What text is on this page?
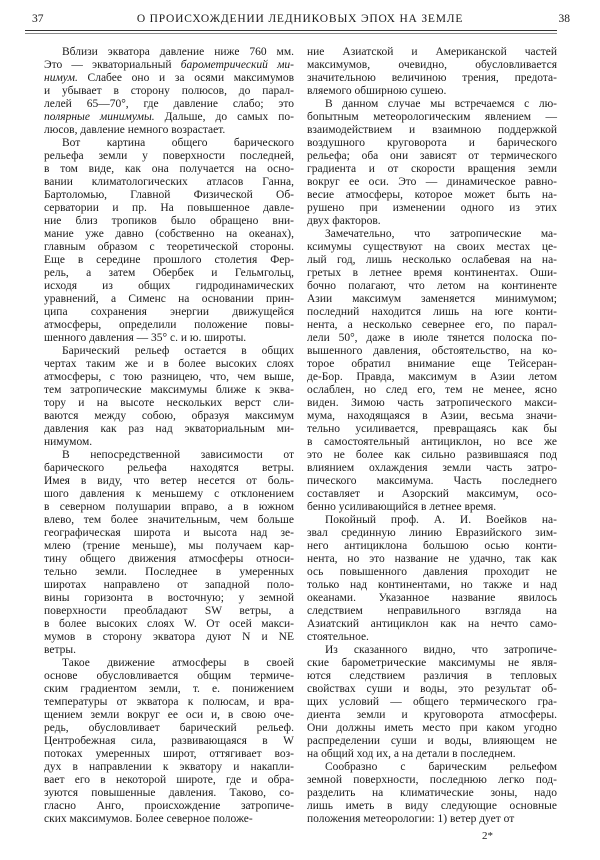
37	О ПРОИСХОЖДЕНИИ ЛЕДНИКОВЫХ ЭПОХ НА ЗЕМЛЕ	38
Вблизи экватора давление ниже 760 мм.
Это — экваториальный барометрический ми-
нимум. Слабее оно и за осями максимумов
и убывает в сторону полюсов, до парал-
лелей 65—70°, где давление слабо; это
полярные минимумы. Дальше, до самых по-
люсов, давление немного возрастает.
Вот картина общего барического
рельефа земли у поверхности последней,
в том виде, как она получается на осно-
вании климатологических атласов Ганна,
Бартоломью, Главной Физической Об-
серватории и пр. На повышенное давле-
ние близ тропиков было обращено вни-
мание уже давно (собственно на океанах),
главным образом с теоретической стороны.
Еще в середине прошлого столетия Фер-
рель, а затем Обербек и Гельмгольц,
исходя из общих гидродинамических
уравнений, а Сименс на основании прин-
ципа сохранения энергии движущейся
атмосферы, определили положение повы-
шенного давления — 35° с. и ю. широты.
Барический рельеф остается в общих
чертах таким же и в более высоких слоях
атмосферы, с тою разницею, что, чем выше,
тем затропические максимумы ближе к эква-
тору и на высоте нескольких верст сли-
ваются между собою, образуя максимум
давления как раз над экваториальным ми-
нимумом.
В непосредственной зависимости от
барического рельефа находятся ветры.
Имея в виду, что ветер несется от боль-
шого давления к меньшему с отклонением
в северном полушарии вправо, а в южном
влево, тем более значительным, чем больше
географическая широта и высота над зе-
млею (трение меньше), мы получаем кар-
тину общего движения атмосферы относи-
тельно земли. Последнее в умеренных
широтах направлено от западной поло-
вины горизонта в восточную; у земной
поверхности преобладают SW ветры, а
в более высоких слоях W. От осей макси-
мумов в сторону экватора дуют N и NE
ветры.
Такое движение атмосферы в своей
основе обусловливается общим термиче-
ским градиентом земли, т. е. понижением
температуры от экватора к полюсам, и вра-
щением земли вокруг ее оси и, в свою оче-
редь, обусловливает барический рельеф.
Центробежная сила, развивающаяся в W
потоках умеренных широт, оттягивает воз-
дух в направлении к экватору и накапли-
вает его в некоторой широте, где и обра-
зуются повышенные давления. Таково, со-
гласно Анго, происхождение затропиче-
ских максимумов. Более северное положе-
ние Азиатской и Американской частей
максимумов, очевидно, обусловливается
значительною величиною трения, предота-
вляемого обширною сушею.
В данном случае мы встречаемся с лю-
бопытным метеорологическим явлением —
взаимодействием и взаимною поддержкой
воздушного круговорота и барического
рельефа; оба они зависят от термического
градиента и от скорости вращения земли
вокруг ее оси. Это — динамическое равно-
весие атмосферы, которое может быть на-
рушено при изменении одного из этих
двух факторов.
Замечательно, что затропические ма-
ксимумы существуют на своих местах це-
лый год, лишь несколько ослабевая на на-
гретых в летнее время континентах. Оши-
бочно полагают, что летом на континенте
Азии максимум заменяется минимумом;
последний находится лишь на юге конти-
нента, а несколько севернее его, по парал-
лели 50°, даже в июле тянется полоска по-
вышенного давления, обстоятельство, на ко-
торое обратил внимание еще Тейсеран-
де-Бор. Правда, максимум в Азии летом
ослаблен, но след его, тем не менее, ясно
виден. Зимою часть затропического макси-
мума, находящаяся в Азии, весьма значи-
тельно усиливается, превращаясь как бы
в самостоятельный антициклон, но все же
это не более как сильно развившаяся под
влиянием охлаждения земли часть затро-
пического максимума. Часть последнего
составляет и Азорский максимум, осо-
бенно усиливающийся в летнее время.
Покойный проф. А. И. Воейков на-
звал срединную линию Евразийского зим-
него антициклона большою осью конти-
нента, но это название не удачно, так как
ось повышенного давления проходит не
только над континентами, но также и над
океанами. Указанное название явилось
следствием неправильного взгляда на
Азиатский антициклон как на нечто само-
стоятельное.
Из сказанного видно, что затропиче-
ские барометрические максимумы не явля-
ются следствием различия в тепловых
свойствах суши и воды, это результат об-
щих условий — общего термического гра-
диента земли и круговорота атмосферы.
Они должны иметь место при каком угодно
распределении суши и воды, влияющем не
на общий ход их, а на детали в последнем.
Сообразно с барическим рельефом
земной поверхности, последнюю легко под-
разделить на климатические зоны, надо
лишь иметь в виду следующие основные
положения метеорологии: 1) ветер дует от
2*
